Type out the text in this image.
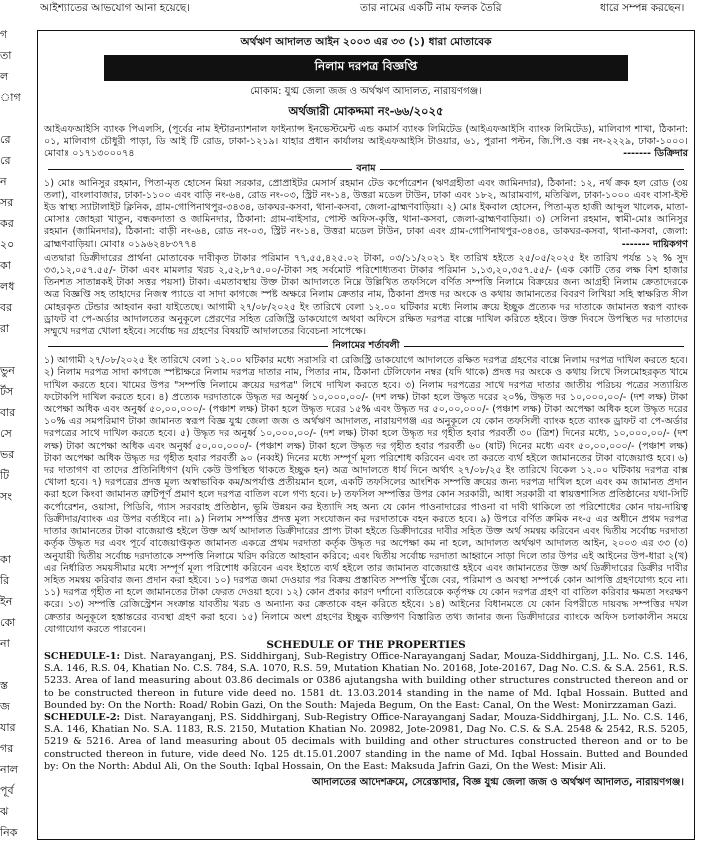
আইশ্যাতের আভযোগ আনা হয়েছে।	তার নামের একটি নাম ফলক তৈরি	ধারে সম্পন্ন করছেন।
গ
তা
ল
াগ
রে
রে
ন
সর
কর
২০
কা
লধ
বর
রা
ভুন
র্টস
বার
সে
ভর
টি
সং
কা
রি
ইন
কো
না
স্ত
জ
যার
গর
নাল
পূর্ব
ঝ
নিক
অর্থঋণ আদালত আইন ২০০৩ এর ৩৩ (১) ধারা মোতাবেক
নিলাম দরপত্র বিজ্ঞপ্তি
মোকাম: যুগ্ম জেলা জজ ও অর্থঋণ আদালত, নারায়ণগঞ্জ।
অর্থজারী মোকদ্দমা নং-৬৬/২০২৫
আইএফআইসি ব্যাংক পিএলসি, (পূর্বের নাম ইন্টারন্যাশনাল ফাইন্যান্স ইনভেস্টমেন্ট এন্ড কমার্স ব্যাংক লিমিটেড (আইএফআইসি ব্যাংক লিমিটেড), মালিবাগ শাখা, ঠিকানা: ০১, মালিবাগ চৌধুরী পাড়া, ডি আই টি রোড, ঢাকা-১২১৯। যাহার প্রধান কার্যালয় আইএফআইসি টাওয়ার, ৬১, পুরানা পল্টন, জি.পি.ও বক্স নং-২২২৯, ঢাকা-১০০০। মোবাঃ ০১৭১৩০০০৭৪	------- ডিক্রিদার
বনাম
১) মোঃ আনিসুর রহমান, পিতা-মৃত হোসেন মিয়া সরকার, প্রোপ্রাইটর মেসার্স রহমান টেড কর্পোরেশন (ঋণগ্রহীতা এবং জামিনদার), ঠিকানা: ১২, নর্থ ক্রক হল রোড (৩য় তলা), বাংলাবাজার, ঢাকা-১১০০ এবং বাড়ি নং-৬৪, রোড নং-০৩, স্ট্রিট নং-১৪, উত্তরা মডেল টাউন, ঢাকা এবং ১৮২, আরামবাগ, মতিঝিল, ঢাকা-১০০০ এবং বাসা-ইস্ট ইড স্বাস্থ্য স্যাটালাইট ক্লিনিক, গ্রাম-গোপিনাথপুর-৩৪৩৪, ডাকঘর-কসবা, থানা-কসবা, জেলা-ব্রাহ্মণবাড়িয়া। ২) মোঃ ইকবাল হোসেন, পিতা-মৃত হাজী আব্দুল খালেক, মাতা-মোসাঃ জোহরা খাতুন, বন্ধকদাতা ও জামিনদার, ঠিকানা: গ্রাম-বাইসার, পোস্ট অফিস-কৃত্তি, থানা-কসবা, জেলা-ব্রাহ্মণবাড়িয়া। ৩) সেলিনা রহমান, স্বামী-মোঃ আনিসুর রহমান (জামিনদার), ঠিকানা: বাড়ী নং-৬৪, রোড নং-০৩, স্ট্রিট নং-১৪, উত্তরা মডেল টাউন, ঢাকা এবং গ্রাম-গোপিনাথপুর-৩৪৩৪, ডাকঘর-কসবা, থানা-কসবা, জেলা: ব্রাহ্মণবাড়িয়া। মোবাঃ ০১৯৬২৪৮৩৭৭৪	------- দায়িকগণ
এতদ্বারা ডিক্রীদারের প্রার্থনা মোতাবেক দাবীকৃত টাকার পরিমান ৭৭,৫৫,৪২৫.০২ টাকা, ০৩/১১/২০২১ ইং তারিখ হইতে ২৫/০৫/২০২৫ ইং তারিখ পর্যন্ত ১২ % সুদ ৩৩,১২,০৫৭.৫৫/- টাকা এবং মামলার খরচ ২,৫২,৮৭৫.০০/-টাকা সহ সর্বমোট পরিশোধ্যতব্য টাকার পরিমান ১,১৩,২০,৩৫৭.৫৫/- (এক কোটি তের লক্ষ বিশ হাজার তিনশত সাতান্নকই টাকা সত্তর পয়সা) টাকা। এমতাবস্থায় উক্ত টাকা আদালতে নিম্নে উল্লিখিত তফসিলে বর্ণিত সম্পত্তি নিলামে বিক্রয়ের জন্য আগ্রহী নিলাম ক্রেতাদেরকে অত্র বিজ্ঞপ্তি সহ তাহাদের নিজস্ব প্যাডে বা সাদা কাগজে স্পষ্ট অক্ষরে নিলাম ক্রেতার নাম, ঠিকানা প্রদত্ত দর অংকে ও কথায় জামানতের বিবরণ লিখিয়া সহি স্বাক্ষরিত সীল মোহরকৃত টেন্ডার আহবান করা যাইতেছে। আগামী ২৭/০৮/২০২৫ ইং তারিখে বেলা ১২.০০ ঘটিকার মধ্যে নিলাম ক্রয়ে ইচ্ছুক প্রত্যেক দর দাতাকে জামানত স্বরূপ ব্যাংক ড্রাফট বা পে-অর্ডার আদালতের অনুকূলে প্রেরণের সহিত রেজিস্ট্রি ডাকযোগে অথবা অফিসে রক্ষিত দরপত্র বাক্সে দাখিল করিতে হইবে। উক্ত দিবসে উপস্থিত দর দাতাদের সম্মুখে দরপত্র খোলা হইবে। সর্বোচ্চ দর গ্রহণের বিষয়টি আদালতের বিবেচনা সাপেক্ষে।
নিলামের শর্তাবলী
১) আগামী ২৭/০৮/২০২৫ ইং তারিখে বেলা ১২.০০ ঘটিকার মধ্যে সরাসরি বা রেজিস্ট্রি ডাকযোগে আদালতে রক্ষিত দরপত্র গ্রহণের বাক্সে নিলাম দরপত্র দাখিল করতে হবে। ২) নিলাম দরপত্র সাদা কাগজে স্পষ্টাক্ষরে নিলাম দরপত্র দাতার নাম, পিতার নাম, ঠিকানা টেলিফোন নম্বর (যদি থাকে) প্রদত্ত দর অংকে ও কথায় লিখে সিলমোহরকৃত খামে দাখিল করতে হবে। খামের উপর "সম্পত্তি নিলামে ক্রয়ের দরপত্র" লিখে দাখিল করতে হবে। ৩) নিলাম দরপত্রের সাথে দরপত্র দাতার জাতীয় পরিচয় পত্রের সত্যায়িত ফটোকপি দাখিল করতে হবে। ৪) প্রত্যেক দরদাতাকে উদ্ধৃত দর অনুর্ধ্ব ১০,০০০,০০/- (দশ লক্ষ) টাকা হলে উদ্ধৃত দরের ২০%, উদ্ধৃত দর ১০,০০০,০০/- (দশ লক্ষ) টাকা অপেক্ষা অধিক এবং অনুর্ধ্ব ৫০,০০,০০০/- (পঞ্চাশ লক্ষ) টাকা হলে উদ্ধৃত দরের ১৫% এবং উদ্ধৃত দর ৫০,০০,০০০/- (পঞ্চাশ লক্ষ) টাকা অপেক্ষা অধিক হলে উদ্ধৃত দরের ১০% এর সমপরিমাণ টাকা জামানত স্বরূপ বিজ্ঞ যুগ্ম জেলা জজ ও অর্থঋণ আদালত, নারায়ণগঞ্জ এর অনুকূলে যে কোন তফসিলী ব্যাংক হতে ব্যাংক ড্রাফট বা পে-অর্ডার দরপত্রের সাথে দাখিল করতে হবে। ৫) উদ্ধৃত দর অনুর্ধ্ব ১০,০০০,০০/- (দশ লক্ষ) টাকা হলে উদ্ধৃত দর গৃহীত হবার পরবর্তী ৩০ (ত্রিশ) দিনের মধ্যে, ১০,০০০,০০/- (দশ লক্ষ) টাকা অপেক্ষা অধিক এবং অনুর্ধ্ব ৫০,০০,০০০/- (পঞ্চাশ লক্ষ) টাকা হলে উদ্ধৃত দর গৃহীত হবার পরবর্তী ৬০ (ষাট) দিনের মধ্যে এবং ৫০,০০,০০০/- (পঞ্চাশ লক্ষ) টাকা অপেক্ষা অধিক উদ্ধৃত দর গৃহীত হবার পরবর্তী ৯০ (নব্বই) দিনের মধ্যে সম্পূর্ণ মূল্য পরিশোধ করিবেন এবং তা করতে ব্যর্থ হইলে জামানতের টাকা বাজেয়াপ্ত হবে। ৬) দর দাতাগণ বা তাদের প্রতিনিধিগণ (যদি কেউ উপস্থিত থাকতে ইচ্ছুক হন) অত্র আদালতে ধার্য দিনে অর্থাৎ ২৭/০৮/২৫ ইং তারিখে বিকেল ১২.০০ ঘটিকায় দরপত্র বাক্স খোলা হবে। ৭) দরপত্রের প্রদত্ত মূল্য অস্বাভাবিক কম/অপর্যাপ্ত প্রতীয়মান হলে, একটি তফসিলের আংশিক সম্পত্তি ক্রয়ের জন্য দরপত্র দাখিল হলে এবং কম জামানত প্রদান করা হলে কিংবা জামানত ত্রুটিপূর্ণ প্রমাণ হলে দরপত্র বাতিল বলে গণ্য হবে। ৮) তফসিল সম্পত্তির উপর কোন সরকারী, আধা সরকারী বা স্বায়ত্তশাসিত প্রতিষ্ঠানের যথা-সিটি কর্পোরেশন, ওয়াসা, পিডিবি, গ্যাস সরবরাহ প্রতিষ্ঠান, ভূমি উন্নয়ন কর ইত্যাদি সহ অন্য যে কোন পাওনাদারের পাওনা বা দাবী থাকিলে তা পরিশোধের কোন দায়-দায়িত্ব ডিক্রীদার/ব্যাংক এর উপর বর্তাইবে না। ৯) নিলাম সম্পত্তির প্রদত্ত মূল্য সংযোজন কর দরদাতাকে বহন করতে হবে। ৯) উপরে বর্ণিত ক্রমিক নং-৫ এর অধীনে প্রথম দরপত্র দাতার জামানতের টাকা বাজেয়াপ্ত হইলে উক্ত অর্থ আদালত ডিক্রীদারের প্রাপ্য টাকা হইতে ডিক্রীদারের দাবীর সহিত উক্ত অর্থ সমন্বয় করিবেন এবং দ্বিতীয় সর্বোচ্চ দরদাতা কর্তৃক উদ্ধৃত দর এবং পূর্বে বাজেয়াপ্তকৃত জামানত একত্রে প্রথম দরদাতা কর্তৃক উদ্ধৃত দর অপেক্ষা কম না হলে, আদালত অর্থঋণ আদালত আইন, ২০০৩ এর ৩৩ (৩) অনুযায়ী দ্বিতীয় সর্বোচ্চ দরদাতাকে সম্পত্তি নিলামে খরিদ করিতে আহবান করিবে; এবং দ্বিতীয় সর্বোচ্চ দরদাতা আহ্বানে সাড়া দিলে তার উপর এই আইনের উপ-ধারা ২(খ) এর নির্ধারিত সময়সীমার মধ্যে সম্পূর্ণ মূল্য পরিশোধ করিবেন এবং ইহাতে ব্যর্থ হইলে তার জামানত বাজেয়াপ্ত হইবে এবং জামানতের উক্ত অর্থ ডিক্রীদারের ডিক্রীর দাবীর সহিত সমন্বয় করিবার জন্য প্রদান করা হইবে। ১০) দরপত্র জমা দেওয়ার পর বিক্রয় প্রস্তাবিত সম্পত্তি খুঁজে বের, পরিমাপ ও অবস্থা সম্পর্কে কোন আপত্তি গ্রহণযোগ্য হবে না। ১১) দরপত্র গৃহীত না হলে জামানতের টাকা ফেরত দেওয়া হবে। ১২) কোন প্রকার কারণ দর্শানো ব্যতিরেকে কর্তৃপক্ষ যে কোন দরপত্র গ্রহণ বা বাতিল করিবার ক্ষমতা সংরক্ষণ করে। ১৩) সম্পত্তি রেজিস্ট্রেশন সংক্রান্ত যাবতীয় খরচ ও অন্যান্য কর ক্রেতাকে বহন করিতে হইবে। ১৪) আইনের বিধানমতে যে কোন বিপরীতে দায়বদ্ধ সম্পত্তির দখল ক্রেতার অনুকূলে হস্তান্তরের ব্যবস্থা গ্রহণ করা হবে। ১৫) নিলামে অংশ গ্রহণের ইচ্ছুক ব্যক্তিগণ বিস্তারিত তথ্য জানার জন্য ডিক্রীদারের ব্যাংকে অফিস চলাকালীন সময়ে যোগাযোগ করতে পারবেন।
SCHEDULE OF THE PROPERTIES
SCHEDULE-1: Dist. Narayanganj, P.S. Siddhirganj, Sub-Registry Office-Narayanganj Sadar, Mouza-Siddhirganj, J.L. No. C.S. 146, S.A. 146, R.S. 04, Khatian No. C.S. 784, S.A. 1070, R.S. 59, Mutation Khatian No. 20168, Jote-20167, Dag No. C.S. & S.A. 2561, R.S. 5233. Area of land measuring about 03.86 decimals or 0386 ajutangsha with building other structures constructed thereon and or to be constructed thereon in future vide deed no. 1581 dt. 13.03.2014 standing in the name of Md. Iqbal Hossain. Butted and Bounded by: On the North: Road/ Robin Gazi, On the South: Majeda Begum, On the East: Canal, On the West: Monirzzaman Gazi.
SCHEDULE-2: Dist. Narayanganj, P.S. Siddhirganj, Sub-Registry Office-Narayanganj Sadar, Mouza-Siddhirganj, J.L. No. C.S. 146, S.A. 146, Khatian No. S.A. 1183, R.S. 2150, Mutation Khatian No. 20982, Jote-20981, Dag No. C.S. & S.A. 2548 & 2542, R.S. 5205, 5219 & 5216. Area of land measuring about 05 decimals with building and other structures constructed thereon and or to be constructed thereon in future, vide deed No. 125 dt.15.01.2007 standing in the name of Md. Iqbal Hossain. Butted and Bounded by: On the North: Abdul Ali, On the South: Iqbal Hossain, On the East: Maksuda Jafrin Gazi, On the West: Misir Ali.
আদালতের আদেশক্রমে, সেরেস্তাদার, বিজ্ঞ যুগ্ম জেলা জজ ও অর্থঋণ আদালত, নারায়ণগঞ্জ।
